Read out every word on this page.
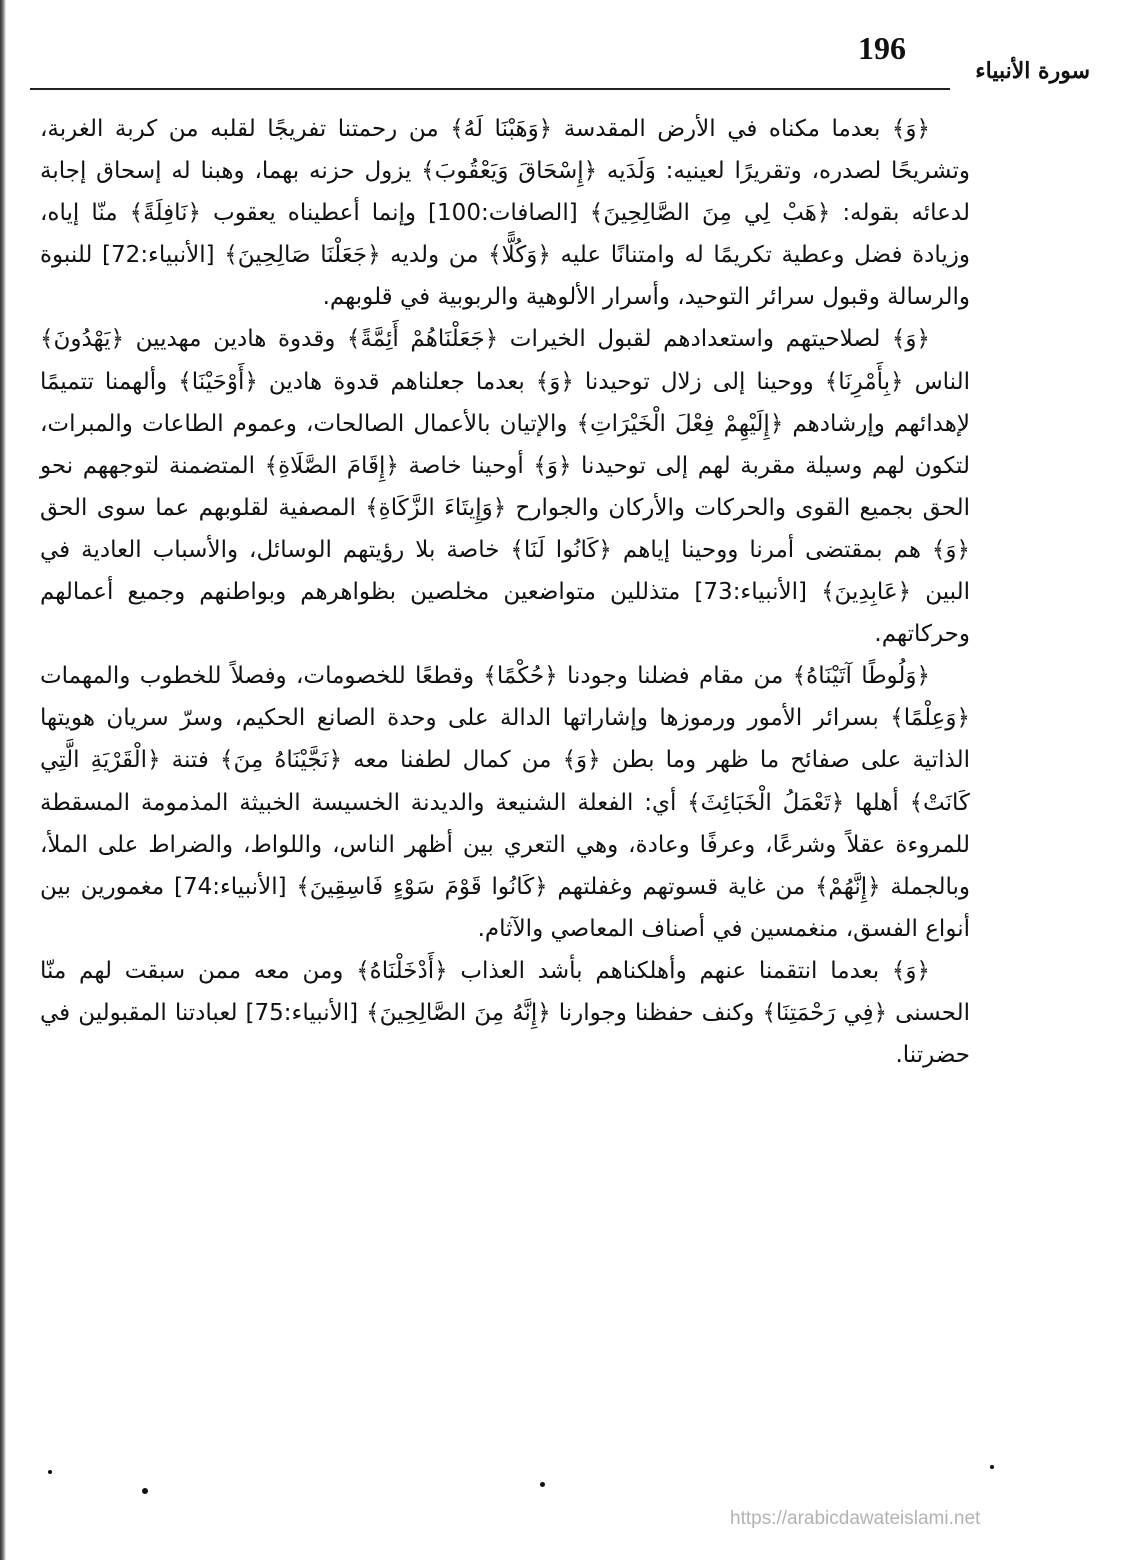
196
سورة الأنبياء

﴿وَ﴾ بعدما مكناه في الأرض المقدسة ﴿وَهَبْنَا لَهُ﴾ من رحمتنا تفريجًا لقلبه من كربة الغربة، وتشريحًا لصدره، وتقريرًا لعينيه: وَلَدَيه ﴿إِسْحَاقَ وَيَعْقُوبَ﴾ يزول حزنه بهما، وهبنا له إسحاق إجابة لدعائه بقوله: ﴿هَبْ لِي مِنَ الصَّالِحِينَ﴾ [الصافات:100] وإنما أعطيناه يعقوب ﴿نَافِلَةً﴾ منّا إياه، وزيادة فضل وعطية تكريمًا له وامتنانًا عليه ﴿وَكُلًّا﴾ من ولديه ﴿جَعَلْنَا صَالِحِينَ﴾ [الأنبياء:72] للنبوة والرسالة وقبول سرائر التوحيد، وأسرار الألوهية والربوبية في قلوبهم.

﴿وَ﴾ لصلاحيتهم واستعدادهم لقبول الخيرات ﴿جَعَلْنَاهُمْ أَئِمَّةً﴾ وقدوة هادين مهديين ﴿يَهْدُونَ﴾ الناس ﴿بِأَمْرِنَا﴾ ووحينا إلى زلال توحيدنا ﴿وَ﴾ بعدما جعلناهم قدوة هادين ﴿أَوْحَيْنَا﴾ وألهمنا تتميمًا لإهدائهم وإرشادهم ﴿إِلَيْهِمْ فِعْلَ الْخَيْرَاتِ﴾ والإتيان بالأعمال الصالحات، وعموم الطاعات والمبرات، لتكون لهم وسيلة مقربة لهم إلى توحيدنا ﴿وَ﴾ أوحينا خاصة ﴿إِقَامَ الصَّلَاةِ﴾ المتضمنة لتوجههم نحو الحق بجميع القوى والحركات والأركان والجوارح ﴿وَإِيتَاءَ الزَّكَاةِ﴾ المصفية لقلوبهم عما سوى الحق ﴿وَ﴾ هم بمقتضى أمرنا ووحينا إياهم ﴿كَانُوا لَنَا﴾ خاصة بلا رؤيتهم الوسائل، والأسباب العادية في البين ﴿عَابِدِينَ﴾ [الأنبياء:73] متذللين متواضعين مخلصين بظواهرهم وبواطنهم وجميع أعمالهم وحركاتهم.

﴿وَلُوطًا آتَيْنَاهُ﴾ من مقام فضلنا وجودنا ﴿حُكْمًا﴾ وقطعًا للخصومات، وفصلاً للخطوب والمهمات ﴿وَعِلْمًا﴾ بسرائر الأمور ورموزها وإشاراتها الدالة على وحدة الصانع الحكيم، وسرّ سريان هويتها الذاتية على صفائح ما ظهر وما بطن ﴿وَ﴾ من كمال لطفنا معه ﴿نَجَّيْنَاهُ مِنَ﴾ فتنة ﴿الْقَرْيَةِ الَّتِي كَانَتْ﴾ أهلها ﴿تَعْمَلُ الْخَبَائِثَ﴾ أي: الفعلة الشنيعة والديدنة الخسيسة الخبيثة المذمومة المسقطة للمروءة عقلاً وشرعًا، وعرفًا وعادة، وهي التعري بين أظهر الناس، واللواط، والضراط على الملأ، وبالجملة ﴿إِنَّهُمْ﴾ من غاية قسوتهم وغفلتهم ﴿كَانُوا قَوْمَ سَوْءٍ فَاسِقِينَ﴾ [الأنبياء:74] مغمورين بين أنواع الفسق، منغمسين في أصناف المعاصي والآثام.

﴿وَ﴾ بعدما انتقمنا عنهم وأهلكناهم بأشد العذاب ﴿أَدْخَلْنَاهُ﴾ ومن معه ممن سبقت لهم منّا الحسنى ﴿فِي رَحْمَتِنَا﴾ وكنف حفظنا وجوارنا ﴿إِنَّهُ مِنَ الصَّالِحِينَ﴾ [الأنبياء:75] لعبادتنا المقبولين في حضرتنا.

https://arabicdawateislami.net
